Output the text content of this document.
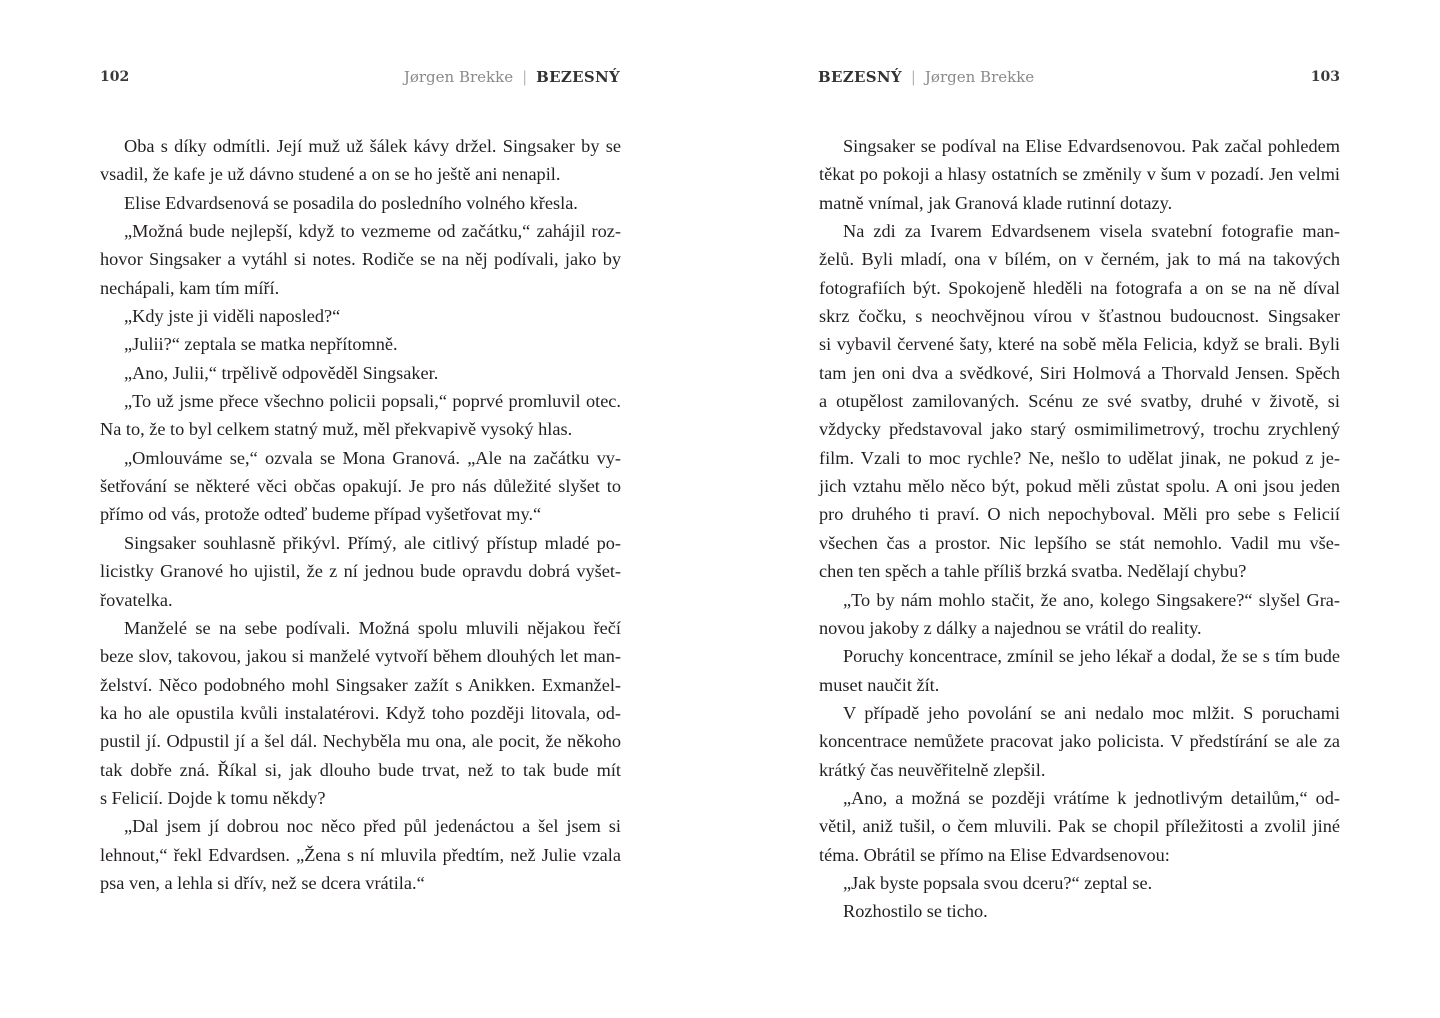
102	Jørgen Brekke | BEZESNÝ
Oba s díky odmítli. Její muž už šálek kávy držel. Singsaker by se
vsadil, že kafe je už dávno studené a on se ho ještě ani nenapil.
Elise Edvardsenová se posadila do posledního volného křesla.
„Možná bude nejlepší, když to vezmeme od začátku,“ zahájil roz-
hovor Singsaker a vytáhl si notes. Rodiče se na něj podívali, jako by
nechápali, kam tím míří.
„Kdy jste ji viděli naposled?“
„Julii?“ zeptala se matka nepřítomně.
„Ano, Julii,“ trpělivě odpověděl Singsaker.
„To už jsme přece všechno policii popsali,“ poprvé promluvil otec.
Na to, že to byl celkem statný muž, měl překvapivě vysoký hlas.
„Omlouváme se,“ ozvala se Mona Granová. „Ale na začátku vy-
šetřování se některé věci občas opakují. Je pro nás důležité slyšet to
přímo od vás, protože odteď budeme případ vyšetřovat my.“
Singsaker souhlasně přikývl. Přímý, ale citlivý přístup mladé po-
licistky Granové ho ujistil, že z ní jednou bude opravdu dobrá vyšet-
řovatelka.
Manželé se na sebe podívali. Možná spolu mluvili nějakou řečí
beze slov, takovou, jakou si manželé vytvoří během dlouhých let man-
želství. Něco podobného mohl Singsaker zažít s Anikken. Exmanžel-
ka ho ale opustila kvůli instalatérovi. Když toho později litovala, od-
pustil jí. Odpustil jí a šel dál. Nechyběla mu ona, ale pocit, že někoho
tak dobře zná. Říkal si, jak dlouho bude trvat, než to tak bude mít
s Felicií. Dojde k tomu někdy?
„Dal jsem jí dobrou noc něco před půl jedenáctou a šel jsem si
lehnout,“ řekl Edvardsen. „Žena s ní mluvila předtím, než Julie vzala
psa ven, a lehla si dřív, než se dcera vrátila.“
BEZESNÝ | Jørgen Brekke	103
Singsaker se podíval na Elise Edvardsenovou. Pak začal pohledem
těkat po pokoji a hlasy ostatních se změnily v šum v pozadí. Jen velmi
matně vnímal, jak Granová klade rutinní dotazy.
Na zdi za Ivarem Edvardsenem visela svatební fotografie man-
želů. Byli mladí, ona v bílém, on v černém, jak to má na takových
fotografiích být. Spokojeně hleděli na fotografa a on se na ně díval
skrz čočku, s neochvějnou vírou v šťastnou budoucnost. Singsaker
si vybavil červené šaty, které na sobě měla Felicia, když se brali. Byli
tam jen oni dva a svědkové, Siri Holmová a Thorvald Jensen. Spěch
a otupělost zamilovaných. Scénu ze své svatby, druhé v životě, si
vždycky představoval jako starý osmimilimetrový, trochu zrychlený
film. Vzali to moc rychle? Ne, nešlo to udělat jinak, ne pokud z je-
jich vztahu mělo něco být, pokud měli zůstat spolu. A oni jsou jeden
pro druhého ti praví. O nich nepochyboval. Měli pro sebe s Felicií
všechen čas a prostor. Nic lepšího se stát nemohlo. Vadil mu vše-
chen ten spěch a tahle příliš brzká svatba. Nedělají chybu?
„To by nám mohlo stačit, že ano, kolego Singsakere?“ slyšel Gra-
novou jakoby z dálky a najednou se vrátil do reality.
Poruchy koncentrace, zmínil se jeho lékař a dodal, že se s tím bude
muset naučit žít.
V případě jeho povolání se ani nedalo moc mlžit. S poruchami
koncentrace nemůžete pracovat jako policista. V předstírání se ale za
krátký čas neuvěřitelně zlepšil.
„Ano, a možná se později vrátíme k jednotlivým detailům,“ od-
větil, aniž tušil, o čem mluvili. Pak se chopil příležitosti a zvolil jiné
téma. Obrátil se přímo na Elise Edvardsenovou:
„Jak byste popsala svou dceru?“ zeptal se.
Rozhostilo se ticho.
